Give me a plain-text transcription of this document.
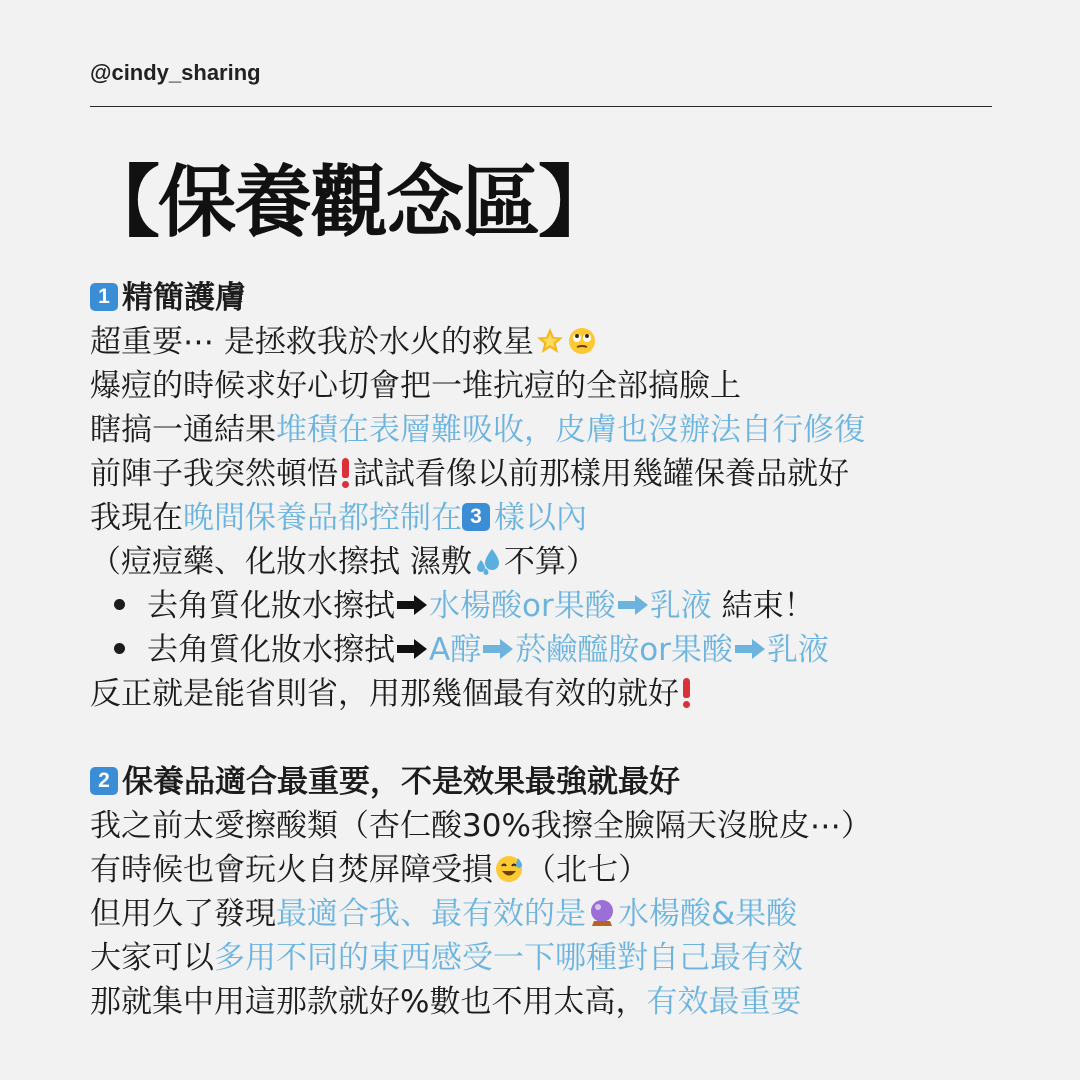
@cindy_sharing
【保養觀念區】
1 精簡護膚
超重要⋯ 是拯救我於水火的救星
爆痘的時候求好心切會把一堆抗痘的全部搞臉上
瞎搞一通結果堆積在表層難吸收，皮膚也沒辦法自行修復
前陣子我突然頓悟 試試看像以前那樣用幾罐保養品就好
我現在晚間保養品都控制在 3 樣以內
（痘痘藥、化妝水擦拭 濕敷 不算）
去角質化妝水擦拭 水楊酸or果酸 乳液 結束！
去角質化妝水擦拭 A醇 菸鹼醯胺or果酸 乳液
反正就是能省則省，用那幾個最有效的就好
2 保養品適合最重要，不是效果最強就最好
我之前太愛擦酸類（杏仁酸30%我擦全臉隔天沒脫皮⋯）
有時候也會玩火自焚屏障受損 （北七）
但用久了發現最適合我、最有效的是 水楊酸&果酸
大家可以多用不同的東西感受一下哪種對自己最有效
那就集中用這那款就好%數也不用太高，有效最重要
